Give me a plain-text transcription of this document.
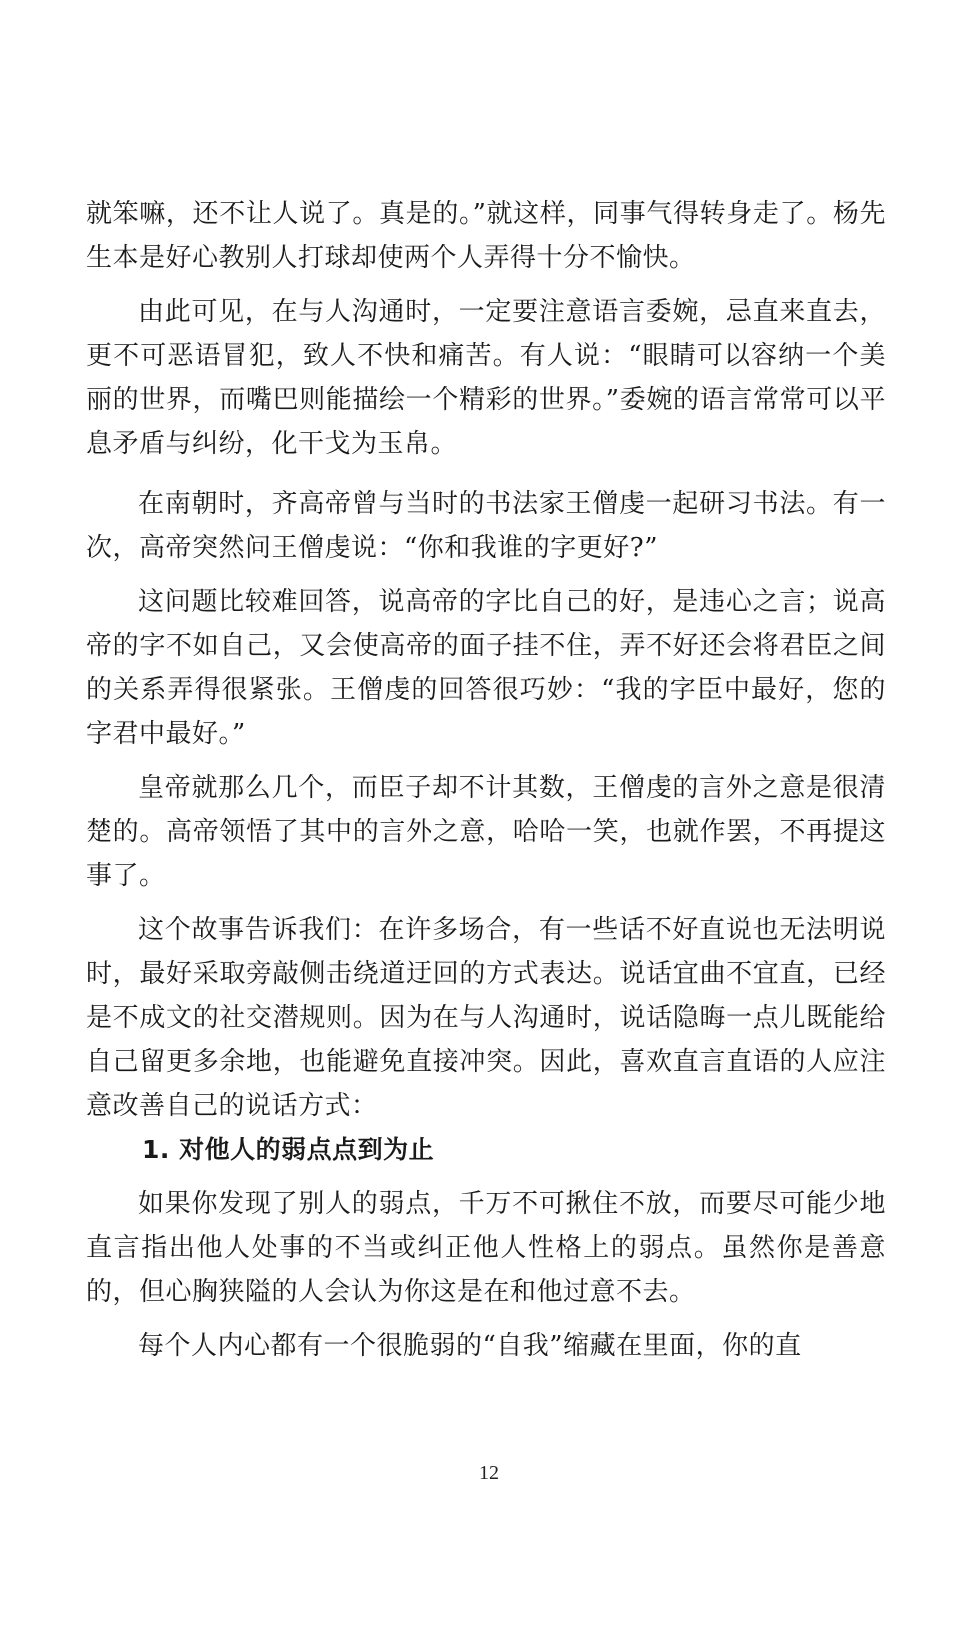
就笨嘛，还不让人说了。真是的。”就这样，同事气得转身走了。杨先生本是好心教别人打球却使两个人弄得十分不愉快。

由此可见，在与人沟通时，一定要注意语言委婉，忌直来直去，更不可恶语冒犯，致人不快和痛苦。有人说：“眼睛可以容纳一个美丽的世界，而嘴巴则能描绘一个精彩的世界。”委婉的语言常常可以平息矛盾与纠纷，化干戈为玉帛。

在南朝时，齐高帝曾与当时的书法家王僧虔一起研习书法。有一次，高帝突然问王僧虔说：“你和我谁的字更好?”

这问题比较难回答，说高帝的字比自己的好，是违心之言；说高帝的字不如自己，又会使高帝的面子挂不住，弄不好还会将君臣之间的关系弄得很紧张。王僧虔的回答很巧妙：“我的字臣中最好，您的字君中最好。”

皇帝就那么几个，而臣子却不计其数，王僧虔的言外之意是很清楚的。高帝领悟了其中的言外之意，哈哈一笑，也就作罢，不再提这事了。

这个故事告诉我们：在许多场合，有一些话不好直说也无法明说时，最好采取旁敲侧击绕道迂回的方式表达。说话宜曲不宜直，已经是不成文的社交潜规则。因为在与人沟通时，说话隐晦一点儿既能给自己留更多余地，也能避免直接冲突。因此，喜欢直言直语的人应注意改善自己的说话方式：

1. 对他人的弱点点到为止

如果你发现了别人的弱点，千万不可揪住不放，而要尽可能少地直言指出他人处事的不当或纠正他人性格上的弱点。虽然你是善意的，但心胸狭隘的人会认为你这是在和他过意不去。

每个人内心都有一个很脆弱的“自我”缩藏在里面，你的直

12
